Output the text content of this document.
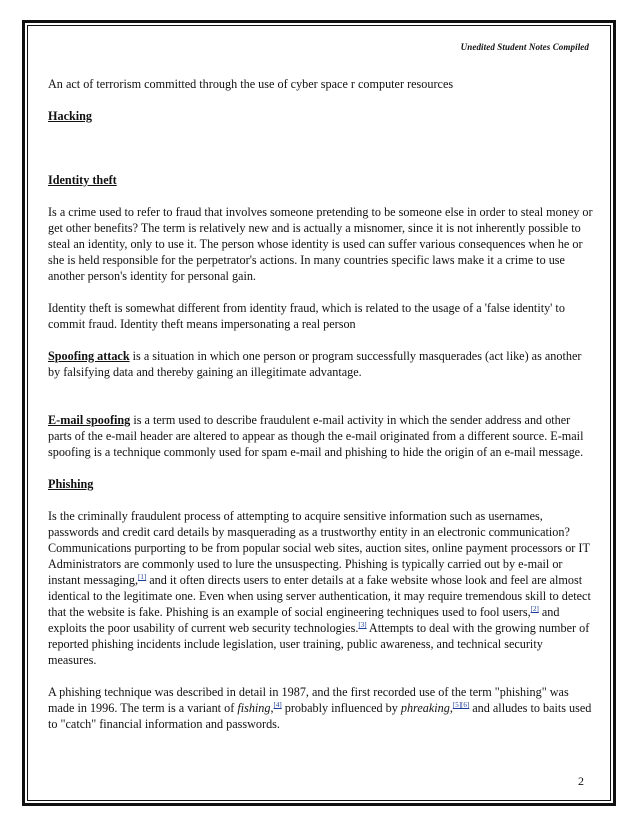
Unedited Student Notes Compiled

An act of terrorism committed through the use of cyber space r computer resources

Hacking

Identity theft

Is a crime used to refer to fraud that involves someone pretending to be someone else in order to steal money or get other benefits? The term is relatively new and is actually a misnomer, since it is not inherently possible to steal an identity, only to use it. The person whose identity is used can suffer various consequences when he or she is held responsible for the perpetrator's actions. In many countries specific laws make it a crime to use another person's identity for personal gain.

Identity theft is somewhat different from identity fraud, which is related to the usage of a 'false identity' to commit fraud. Identity theft means impersonating a real person

Spoofing attack is a situation in which one person or program successfully masquerades (act like) as another by falsifying data and thereby gaining an illegitimate advantage.

E-mail spoofing is a term used to describe fraudulent e-mail activity in which the sender address and other parts of the e-mail header are altered to appear as though the e-mail originated from a different source. E-mail spoofing is a technique commonly used for spam e-mail and phishing to hide the origin of an e-mail message.

Phishing

Is the criminally fraudulent process of attempting to acquire sensitive information such as usernames, passwords and credit card details by masquerading as a trustworthy entity in an electronic communication? Communications purporting to be from popular social web sites, auction sites, online payment processors or IT Administrators are commonly used to lure the unsuspecting. Phishing is typically carried out by e-mail or instant messaging,[1] and it often directs users to enter details at a fake website whose look and feel are almost identical to the legitimate one. Even when using server authentication, it may require tremendous skill to detect that the website is fake. Phishing is an example of social engineering techniques used to fool users,[2] and exploits the poor usability of current web security technologies.[3] Attempts to deal with the growing number of reported phishing incidents include legislation, user training, public awareness, and technical security measures.

A phishing technique was described in detail in 1987, and the first recorded use of the term "phishing" was made in 1996. The term is a variant of fishing,[4] probably influenced by phreaking,[5][6] and alludes to baits used to "catch" financial information and passwords.

2
